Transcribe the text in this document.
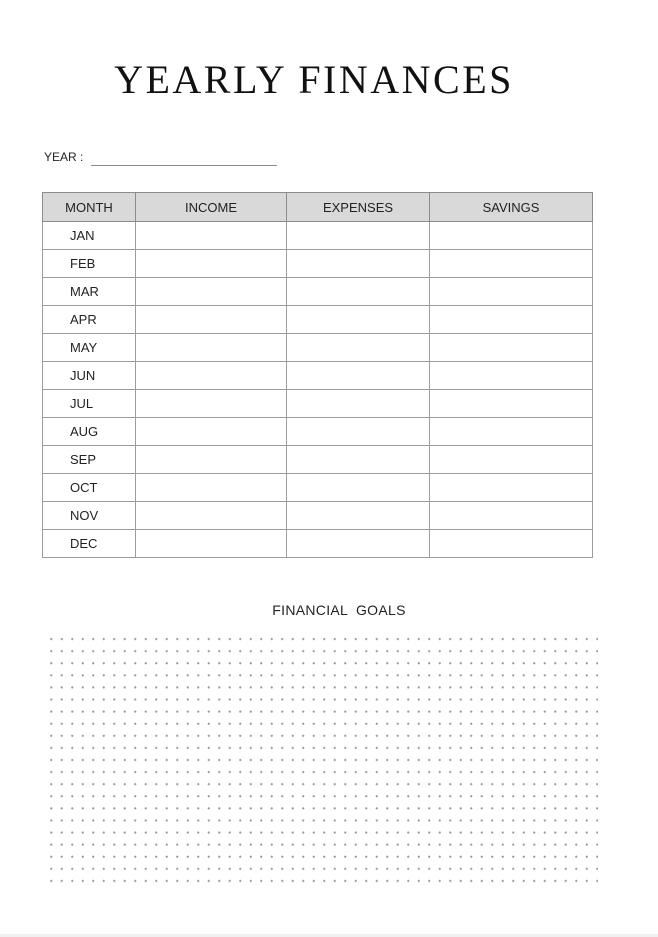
YEARLY FINANCES
YEAR :
MONTH	INCOME	EXPENSES	SAVINGS
JAN			
FEB			
MAR			
APR			
MAY			
JUN			
JUL			
AUG			
SEP			
OCT			
NOV			
DEC			
FINANCIAL  GOALS
